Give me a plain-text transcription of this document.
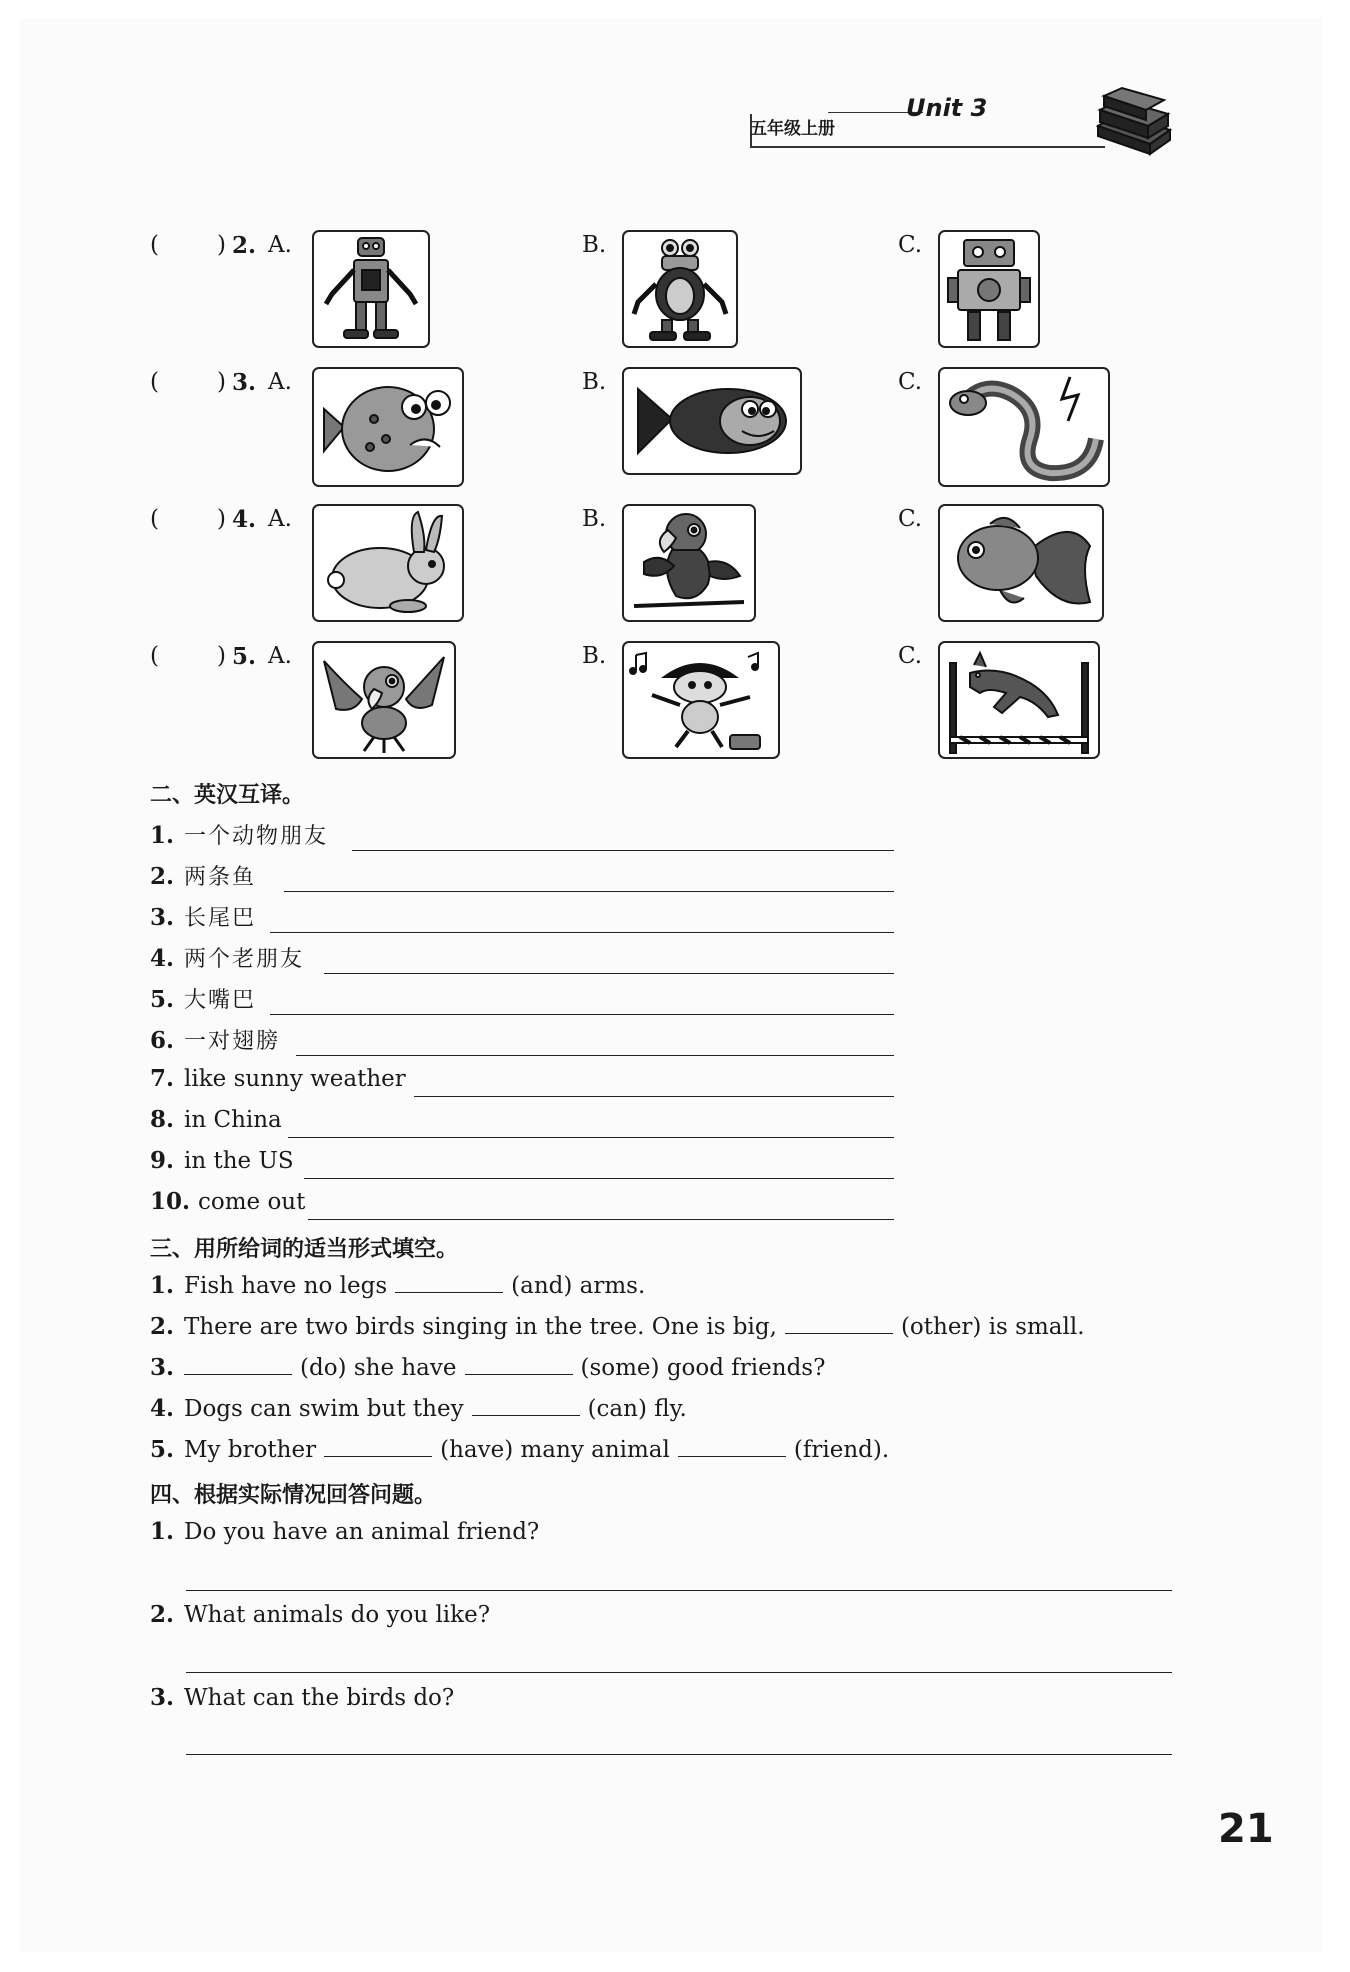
五年级上册
Unit 3
(	) 2. A.	B.	C.
(	) 3. A.	B.	C.
(	) 4. A.	B.	C.
(	) 5. A.	B.	C.
二、英汉互译。
1. 一个动物朋友
2. 两条鱼
3. 长尾巴
4. 两个老朋友
5. 大嘴巴
6. 一对翅膀
7. like sunny weather
8. in China
9. in the US
10. come out
三、用所给词的适当形式填空。
1. Fish have no legs	(and) arms.
2. There are two birds singing in the tree. One is big,	(other) is small.
3.	(do) she have	(some) good friends?
4. Dogs can swim but they	(can) fly.
5. My brother	(have) many animal	(friend).
四、根据实际情况回答问题。
1. Do you have an animal friend?
2. What animals do you like?
3. What can the birds do?
21
